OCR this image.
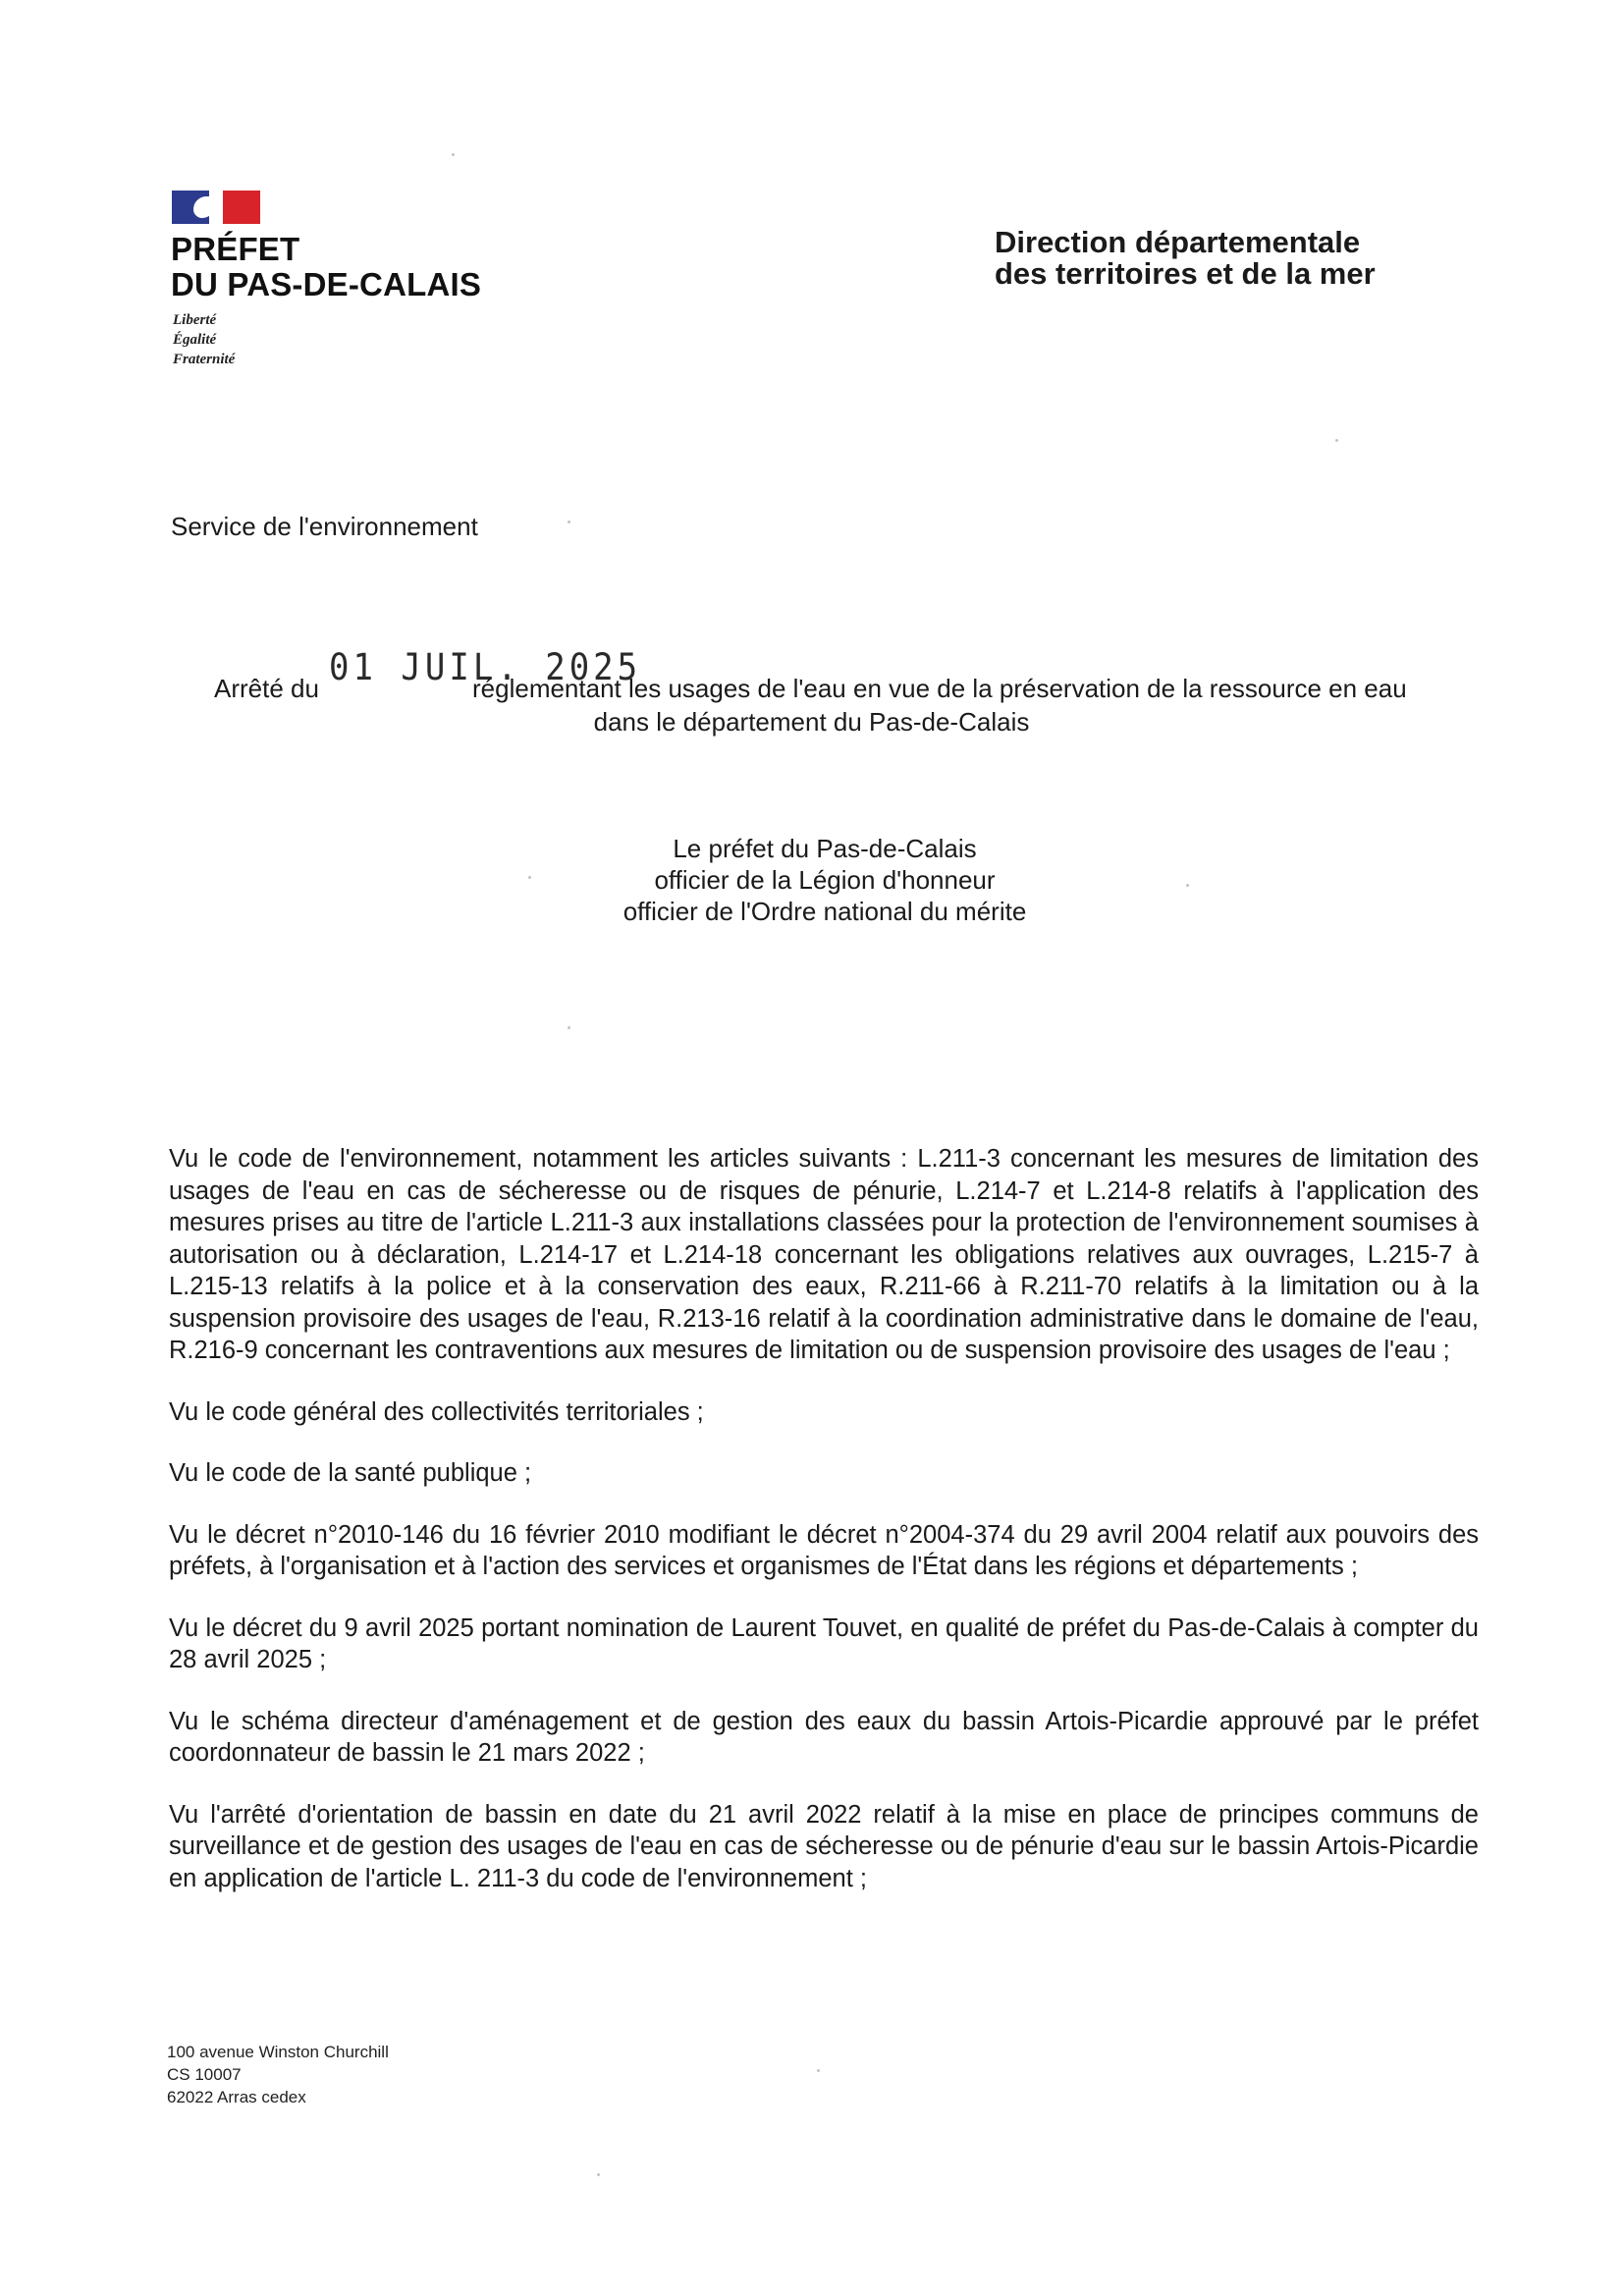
PRÉFET
DU PAS-DE-CALAIS
Liberté
Égalité
Fraternité
Direction départementale
des territoires et de la mer
Service de l'environnement
Arrêté du 01 JUIL. 2025
réglementant les usages de l'eau en vue de la préservation de la ressource en eau
dans le département du Pas-de-Calais
Le préfet du Pas-de-Calais
officier de la Légion d'honneur
officier de l'Ordre national du mérite

Vu le code de l'environnement, notamment les articles suivants : L.211-3 concernant les mesures de limitation des usages de l'eau en cas de sécheresse ou de risques de pénurie, L.214-7 et L.214-8 relatifs à l'application des mesures prises au titre de l'article L.211-3 aux installations classées pour la protection de l'environnement soumises à autorisation ou à déclaration, L.214-17 et L.214-18 concernant les obligations relatives aux ouvrages, L.215-7 à L.215-13 relatifs à la police et à la conservation des eaux, R.211-66 à R.211-70 relatifs à la limitation ou à la suspension provisoire des usages de l'eau, R.213-16 relatif à la coordination administrative dans le domaine de l'eau, R.216-9 concernant les contraventions aux mesures de limitation ou de suspension provisoire des usages de l'eau ;

Vu le code général des collectivités territoriales ;

Vu le code de la santé publique ;

Vu le décret n°2010-146 du 16 février 2010 modifiant le décret n°2004-374 du 29 avril 2004 relatif aux pouvoirs des préfets, à l'organisation et à l'action des services et organismes de l'État dans les régions et départements ;

Vu le décret du 9 avril 2025 portant nomination de Laurent Touvet, en qualité de préfet du Pas-de-Calais à compter du 28 avril 2025 ;

Vu le schéma directeur d'aménagement et de gestion des eaux du bassin Artois-Picardie approuvé par le préfet coordonnateur de bassin le 21 mars 2022 ;

Vu l'arrêté d'orientation de bassin en date du 21 avril 2022 relatif à la mise en place de principes communs de surveillance et de gestion des usages de l'eau en cas de sécheresse ou de pénurie d'eau sur le bassin Artois-Picardie en application de l'article L. 211-3 du code de l'environnement ;

100 avenue Winston Churchill
CS 10007
62022 Arras cedex
